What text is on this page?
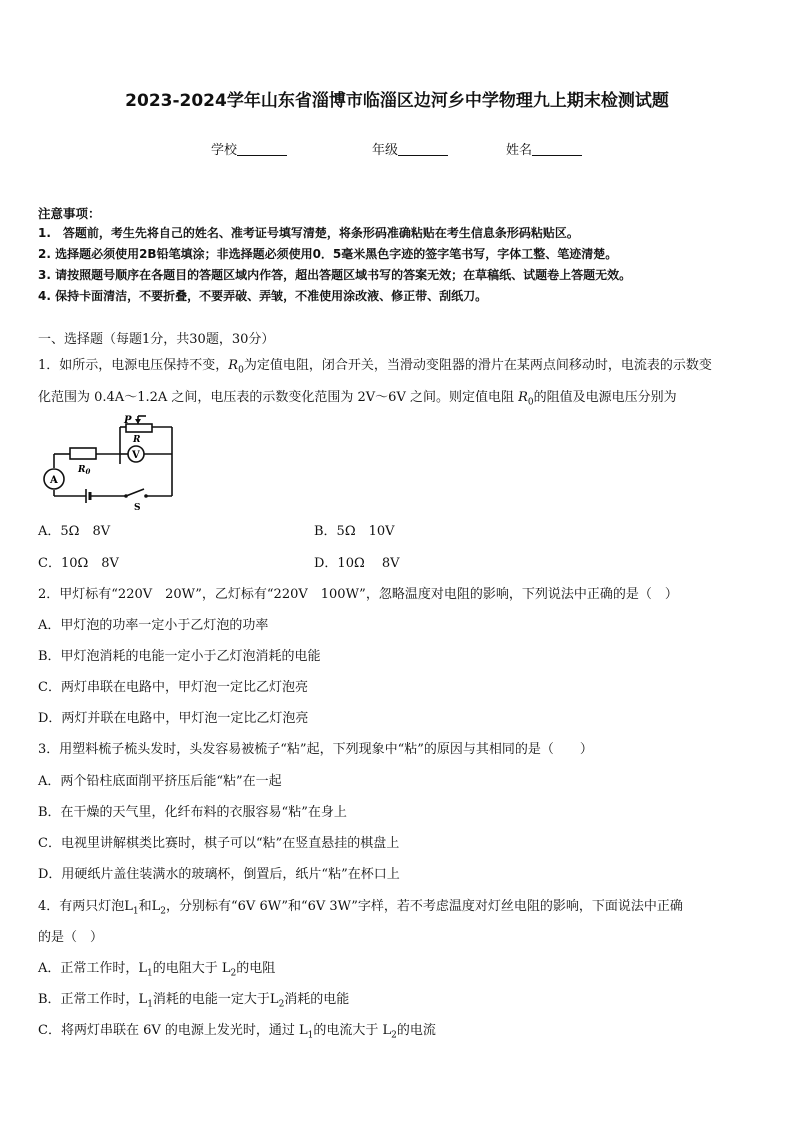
2023-2024学年山东省淄博市临淄区边河乡中学物理九上期末检测试题
学校	年级	姓名
注意事项：
1.　答题前，考生先将自己的姓名、准考证号填写清楚，将条形码准确粘贴在考生信息条形码粘贴区。
2. 选择题必须使用2B铅笔填涂；非选择题必须使用0．5毫米黑色字迹的签字笔书写，字体工整、笔迹清楚。
3. 请按照题号顺序在各题目的答题区域内作答，超出答题区域书写的答案无效；在草稿纸、试题卷上答题无效。
4. 保持卡面清洁，不要折叠，不要弄破、弄皱，不准使用涂改液、修正带、刮纸刀。
一、选择题（每题1分，共30题，30分）
1．如所示，电源电压保持不变，$R_0$为定值电阻，闭合开关，当滑动变阻器的滑片在某两点间移动时，电流表的示数变
化范围为 0.4A～1.2A 之间，电压表的示数变化范围为 2V～6V 之间。则定值电阻 $R_0$的阻值及电源电压分别为
P
R
$R_0$
V
A
S
A．5Ω　8V	B．5Ω　10V
C．10Ω　8V	D．10Ω　 8V
2．甲灯标有“220V　20W”，乙灯标有“220V　100W”，忽略温度对电阻的影响，下列说法中正确的是（　）
A．甲灯泡的功率一定小于乙灯泡的功率
B．甲灯泡消耗的电能一定小于乙灯泡消耗的电能
C．两灯串联在电路中，甲灯泡一定比乙灯泡亮
D．两灯并联在电路中，甲灯泡一定比乙灯泡亮
3．用塑料梳子梳头发时，头发容易被梳子“粘”起，下列现象中“粘”的原因与其相同的是（　　）
A．两个铅柱底面削平挤压后能“粘”在一起
B．在干燥的天气里，化纤布料的衣服容易“粘”在身上
C．电视里讲解棋类比赛时，棋子可以“粘”在竖直悬挂的棋盘上
D．用硬纸片盖住装满水的玻璃杯，倒置后，纸片“粘”在杯口上
4．有两只灯泡$L_1$和$L_2$，分别标有“6V 6W”和“6V 3W”字样，若不考虑温度对灯丝电阻的影响，下面说法中正确
的是（　）
A．正常工作时，$L_1$的电阻大于 $L_2$的电阻
B．正常工作时，$L_1$消耗的电能一定大于$L_2$消耗的电能
C．将两灯串联在 6V 的电源上发光时，通过 $L_1$的电流大于 $L_2$的电流
